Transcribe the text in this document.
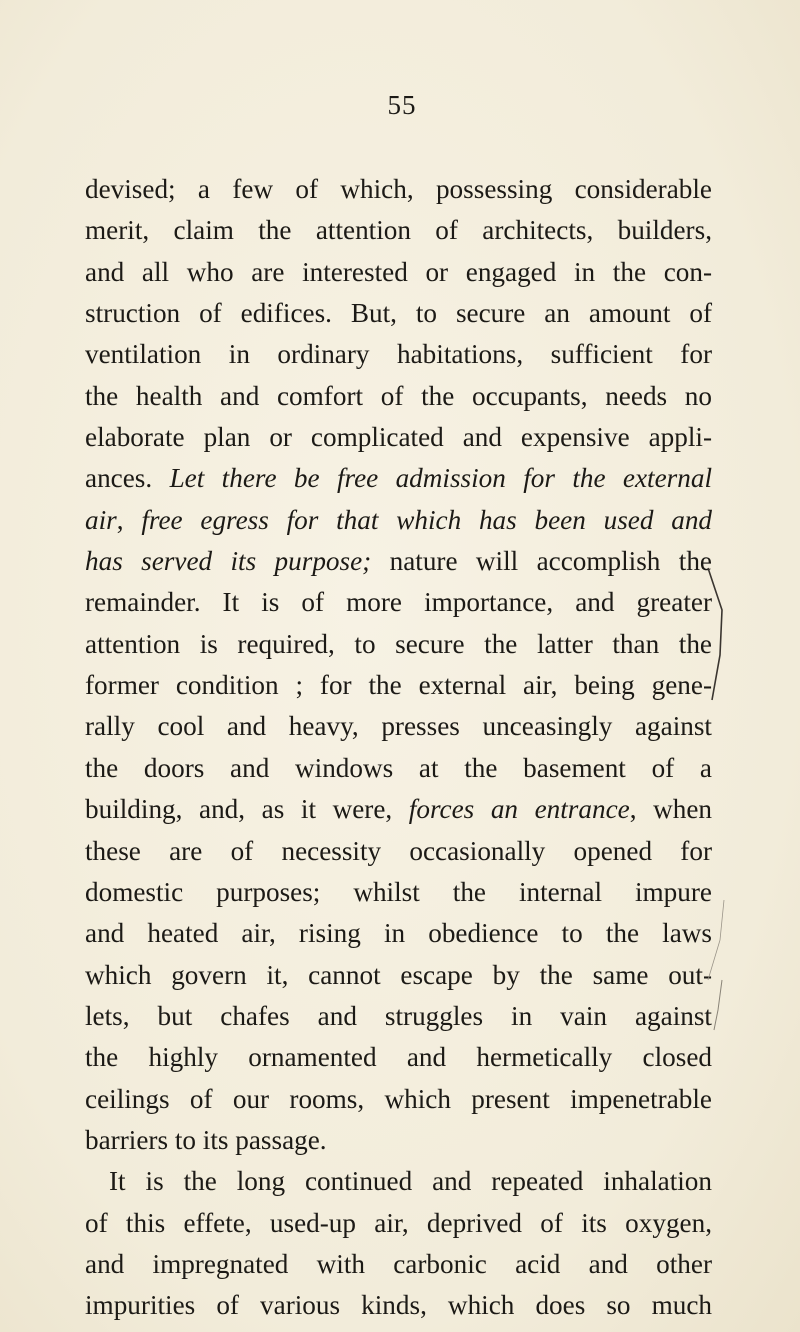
55
devised; a few of which, possessing considerable
merit, claim the attention of architects, builders,
and all who are interested or engaged in the con-
struction of edifices. But, to secure an amount of
ventilation in ordinary habitations, sufficient for
the health and comfort of the occupants, needs no
elaborate plan or complicated and expensive appli-
ances. Let there be free admission for the external
air, free egress for that which has been used and
has served its purpose; nature will accomplish the
remainder. It is of more importance, and greater
attention is required, to secure the latter than the
former condition ; for the external air, being gene-
rally cool and heavy, presses unceasingly against
the doors and windows at the basement of a
building, and, as it were, forces an entrance, when
these are of necessity occasionally opened for
domestic purposes; whilst the internal impure
and heated air, rising in obedience to the laws
which govern it, cannot escape by the same out-
lets, but chafes and struggles in vain against
the highly ornamented and hermetically closed
ceilings of our rooms, which present impenetrable
barriers to its passage.
It is the long continued and repeated inhalation
of this effete, used-up air, deprived of its oxygen,
and impregnated with carbonic acid and other
impurities of various kinds, which does so much
